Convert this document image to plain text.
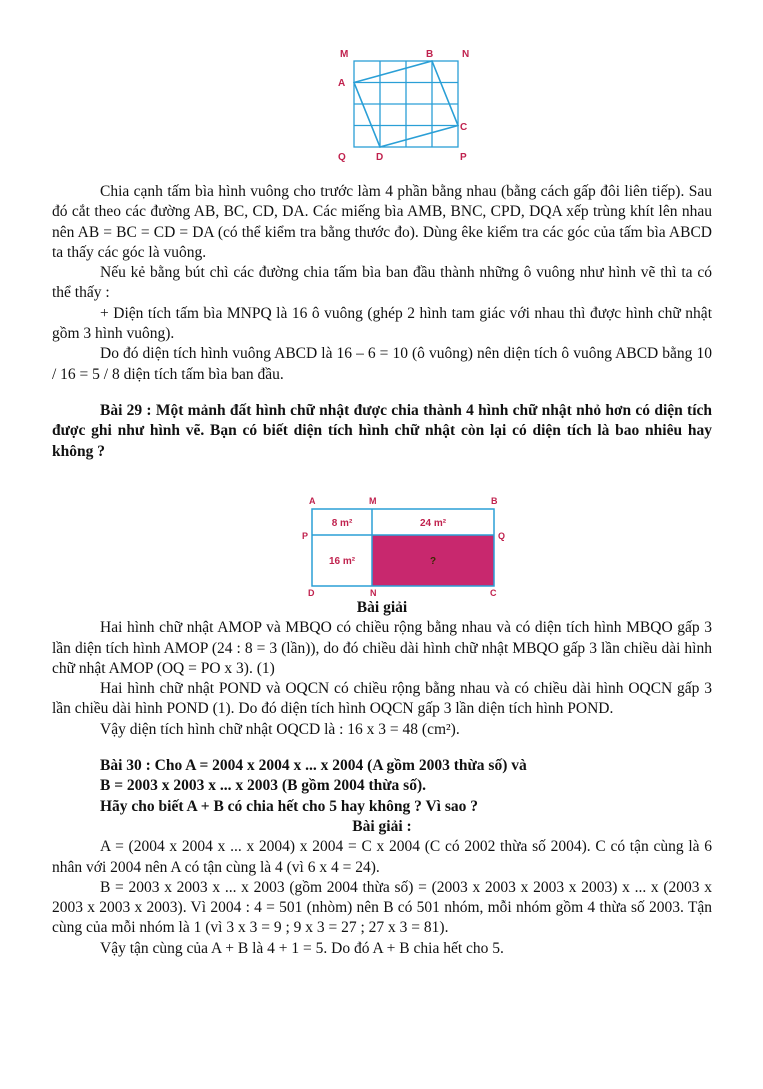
M	B	N
A
C
Q	D	P

Chia cạnh tấm bìa hình vuông cho trước làm 4 phần bằng nhau (bằng cách gấp đôi liên tiếp). Sau đó cắt theo các đường AB, BC, CD, DA. Các miếng bìa AMB, BNC, CPD, DQA xếp trùng khít lên nhau nên AB = BC = CD = DA (có thể kiểm tra bằng thước đo). Dùng êke kiểm tra các góc của tấm bìa ABCD ta thấy các góc là vuông.

Nếu kẻ bằng bút chì các đường chia tấm bìa ban đầu thành những ô vuông như hình vẽ thì ta có thể thấy :

+ Diện tích tấm bìa MNPQ là 16 ô vuông (ghép 2 hình tam giác với nhau thì được hình chữ nhật gồm 3 hình vuông).

Do đó diện tích hình vuông ABCD là 16 – 6 = 10 (ô vuông) nên diện tích ô vuông ABCD bằng 10 / 16 = 5 / 8 diện tích tấm bìa ban đầu.

Bài 29 : Một mảnh đất hình chữ nhật được chia thành 4 hình chữ nhật nhỏ hơn có diện tích được ghi như hình vẽ. Bạn có biết diện tích hình chữ nhật còn lại có diện tích là bao nhiêu hay không ?

A	M	B
P	Q
D	N	C
8 m²	24 m²
16 m²	?

Bài giải

Hai hình chữ nhật AMOP và MBQO có chiều rộng bằng nhau và có diện tích hình MBQO gấp 3 lần diện tích hình AMOP (24 : 8 = 3 (lần)), do đó chiều dài hình chữ nhật MBQO gấp 3 lần chiều dài hình chữ nhật AMOP (OQ = PO x 3). (1)

Hai hình chữ nhật POND và OQCN có chiều rộng bằng nhau và có chiều dài hình OQCN gấp 3 lần chiều dài hình POND (1). Do đó diện tích hình OQCN gấp 3 lần diện tích hình POND.

Vậy diện tích hình chữ nhật OQCD là : 16 x 3 = 48 (cm²).

Bài 30 : Cho A = 2004 x 2004 x ... x 2004 (A gồm 2003 thừa số) và

B = 2003 x 2003 x ... x 2003 (B gồm 2004 thừa số).

Hãy cho biết A + B có chia hết cho 5 hay không ? Vì sao ?

Bài giải :

A = (2004 x 2004 x ... x 2004) x 2004 = C x 2004 (C có 2002 thừa số 2004). C có tận cùng là 6 nhân với 2004 nên A có tận cùng là 4 (vì 6 x 4 = 24).

B = 2003 x 2003 x ... x 2003 (gồm 2004 thừa số) = (2003 x 2003 x 2003 x 2003) x ... x (2003 x 2003 x 2003 x 2003). Vì 2004 : 4 = 501 (nhòm) nên B có 501 nhóm, mỗi nhóm gồm 4 thừa số 2003. Tận cùng của mỗi nhóm là 1 (vì 3 x 3 = 9 ; 9 x 3 = 27 ; 27 x 3 = 81).

Vậy tận cùng của A + B là 4 + 1 = 5. Do đó A + B chia hết cho 5.
